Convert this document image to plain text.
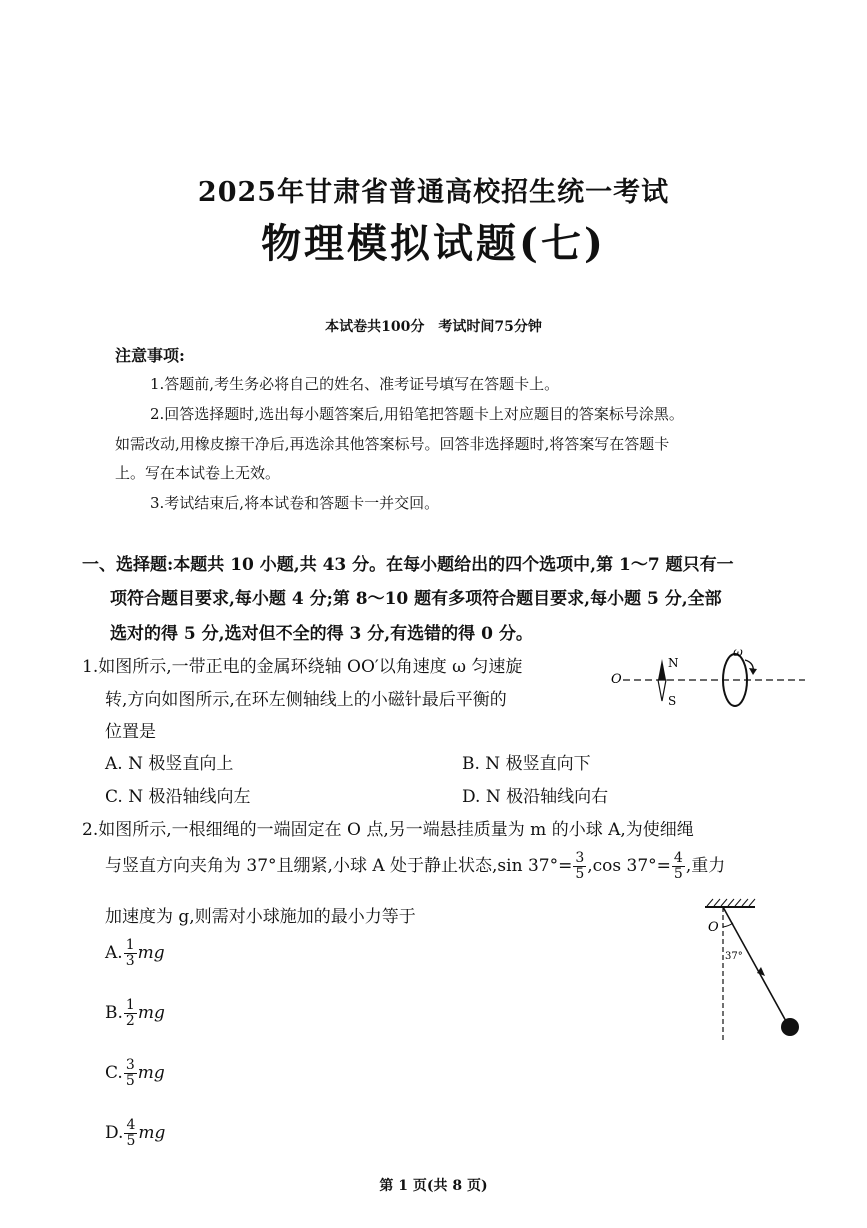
2025年甘肃省普通高校招生统一考试
物理模拟试题(七)
本试卷共100分　考试时间75分钟
注意事项:
1.答题前,考生务必将自己的姓名、准考证号填写在答题卡上。
2.回答选择题时,选出每小题答案后,用铅笔把答题卡上对应题目的答案标号涂黑。
如需改动,用橡皮擦干净后,再选涂其他答案标号。回答非选择题时,将答案写在答题卡
上。写在本试卷上无效。
3.考试结束后,将本试卷和答题卡一并交回。
一、选择题:本题共 10 小题,共 43 分。在每小题给出的四个选项中,第 1～7 题只有一
项符合题目要求,每小题 4 分;第 8～10 题有多项符合题目要求,每小题 5 分,全部
选对的得 5 分,选对但不全的得 3 分,有选错的得 0 分。
1.如图所示,一带正电的金属环绕轴 OO′以角速度 ω 匀速旋
转,方向如图所示,在环左侧轴线上的小磁针最后平衡的
位置是
O
N
S
ω
A. N 极竖直向上	B. N 极竖直向下
C. N 极沿轴线向左	D. N 极沿轴线向右
2.如图所示,一根细绳的一端固定在 O 点,另一端悬挂质量为 m 的小球 A,为使细绳
与竖直方向夹角为 37°且绷紧,小球 A 处于静止状态,sin $37^\circ= \frac{3}{5} ,\cos$ $37^\circ= \frac{4}{5}$ ,重力
加速度为 g,则需对小球施加的最小力等于
A. $\frac{1}{3}$ mg
B. $\frac{1}{2}$ mg
C. $\frac{3}{5}$ mg
D. $\frac{4}{5}$ mg
O
37°
第 1 页(共 8 页)
